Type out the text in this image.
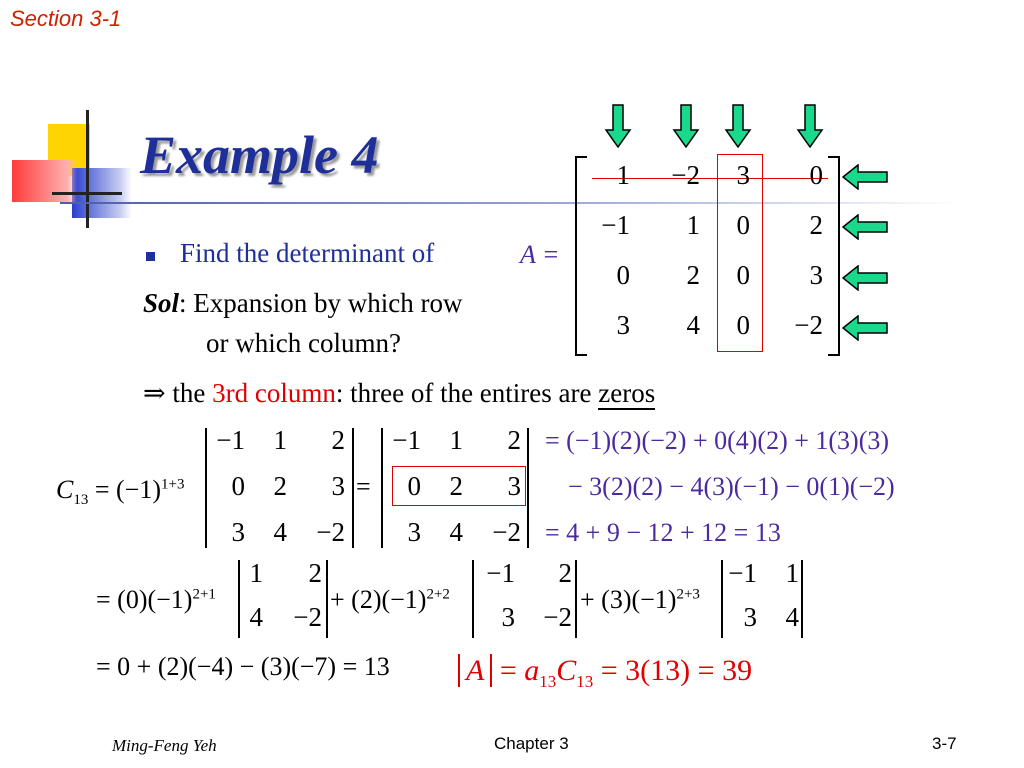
Section 3-1
Example 4
Find the determinant of	A =
Sol: Expansion by which row
or which column?
⇒ the 3rd column: three of the entires are zeros
1	−2	3	0
−1	1	0	2
0	2	0	3
3	4	0	−2
$C_{13} = (-1)^{1+3}$	=
−1	1	2
0	2	3
3	4	−2
−1	1	2
0	2	3
3	4	−2
= (−1)(2)(−2) + 0(4)(2) + 1(3)(3)
− 3(2)(2) − 4(3)(−1) − 0(1)(−2)
= 4 + 9 − 12 + 12 = 13
= $(0)(-1)^{2+1}$	+ $(2)(-1)^{2+2}$	+ $(3)(-1)^{2+3}$
1	2
4	−2
−1	2
3	−2
−1	1
3	4
= 0 + (2)(−4) − (3)(−7) = 13	$A = a_{13}C_{13} = 3(13) = 39$
Ming-Feng Yeh	Chapter 3	3-7
